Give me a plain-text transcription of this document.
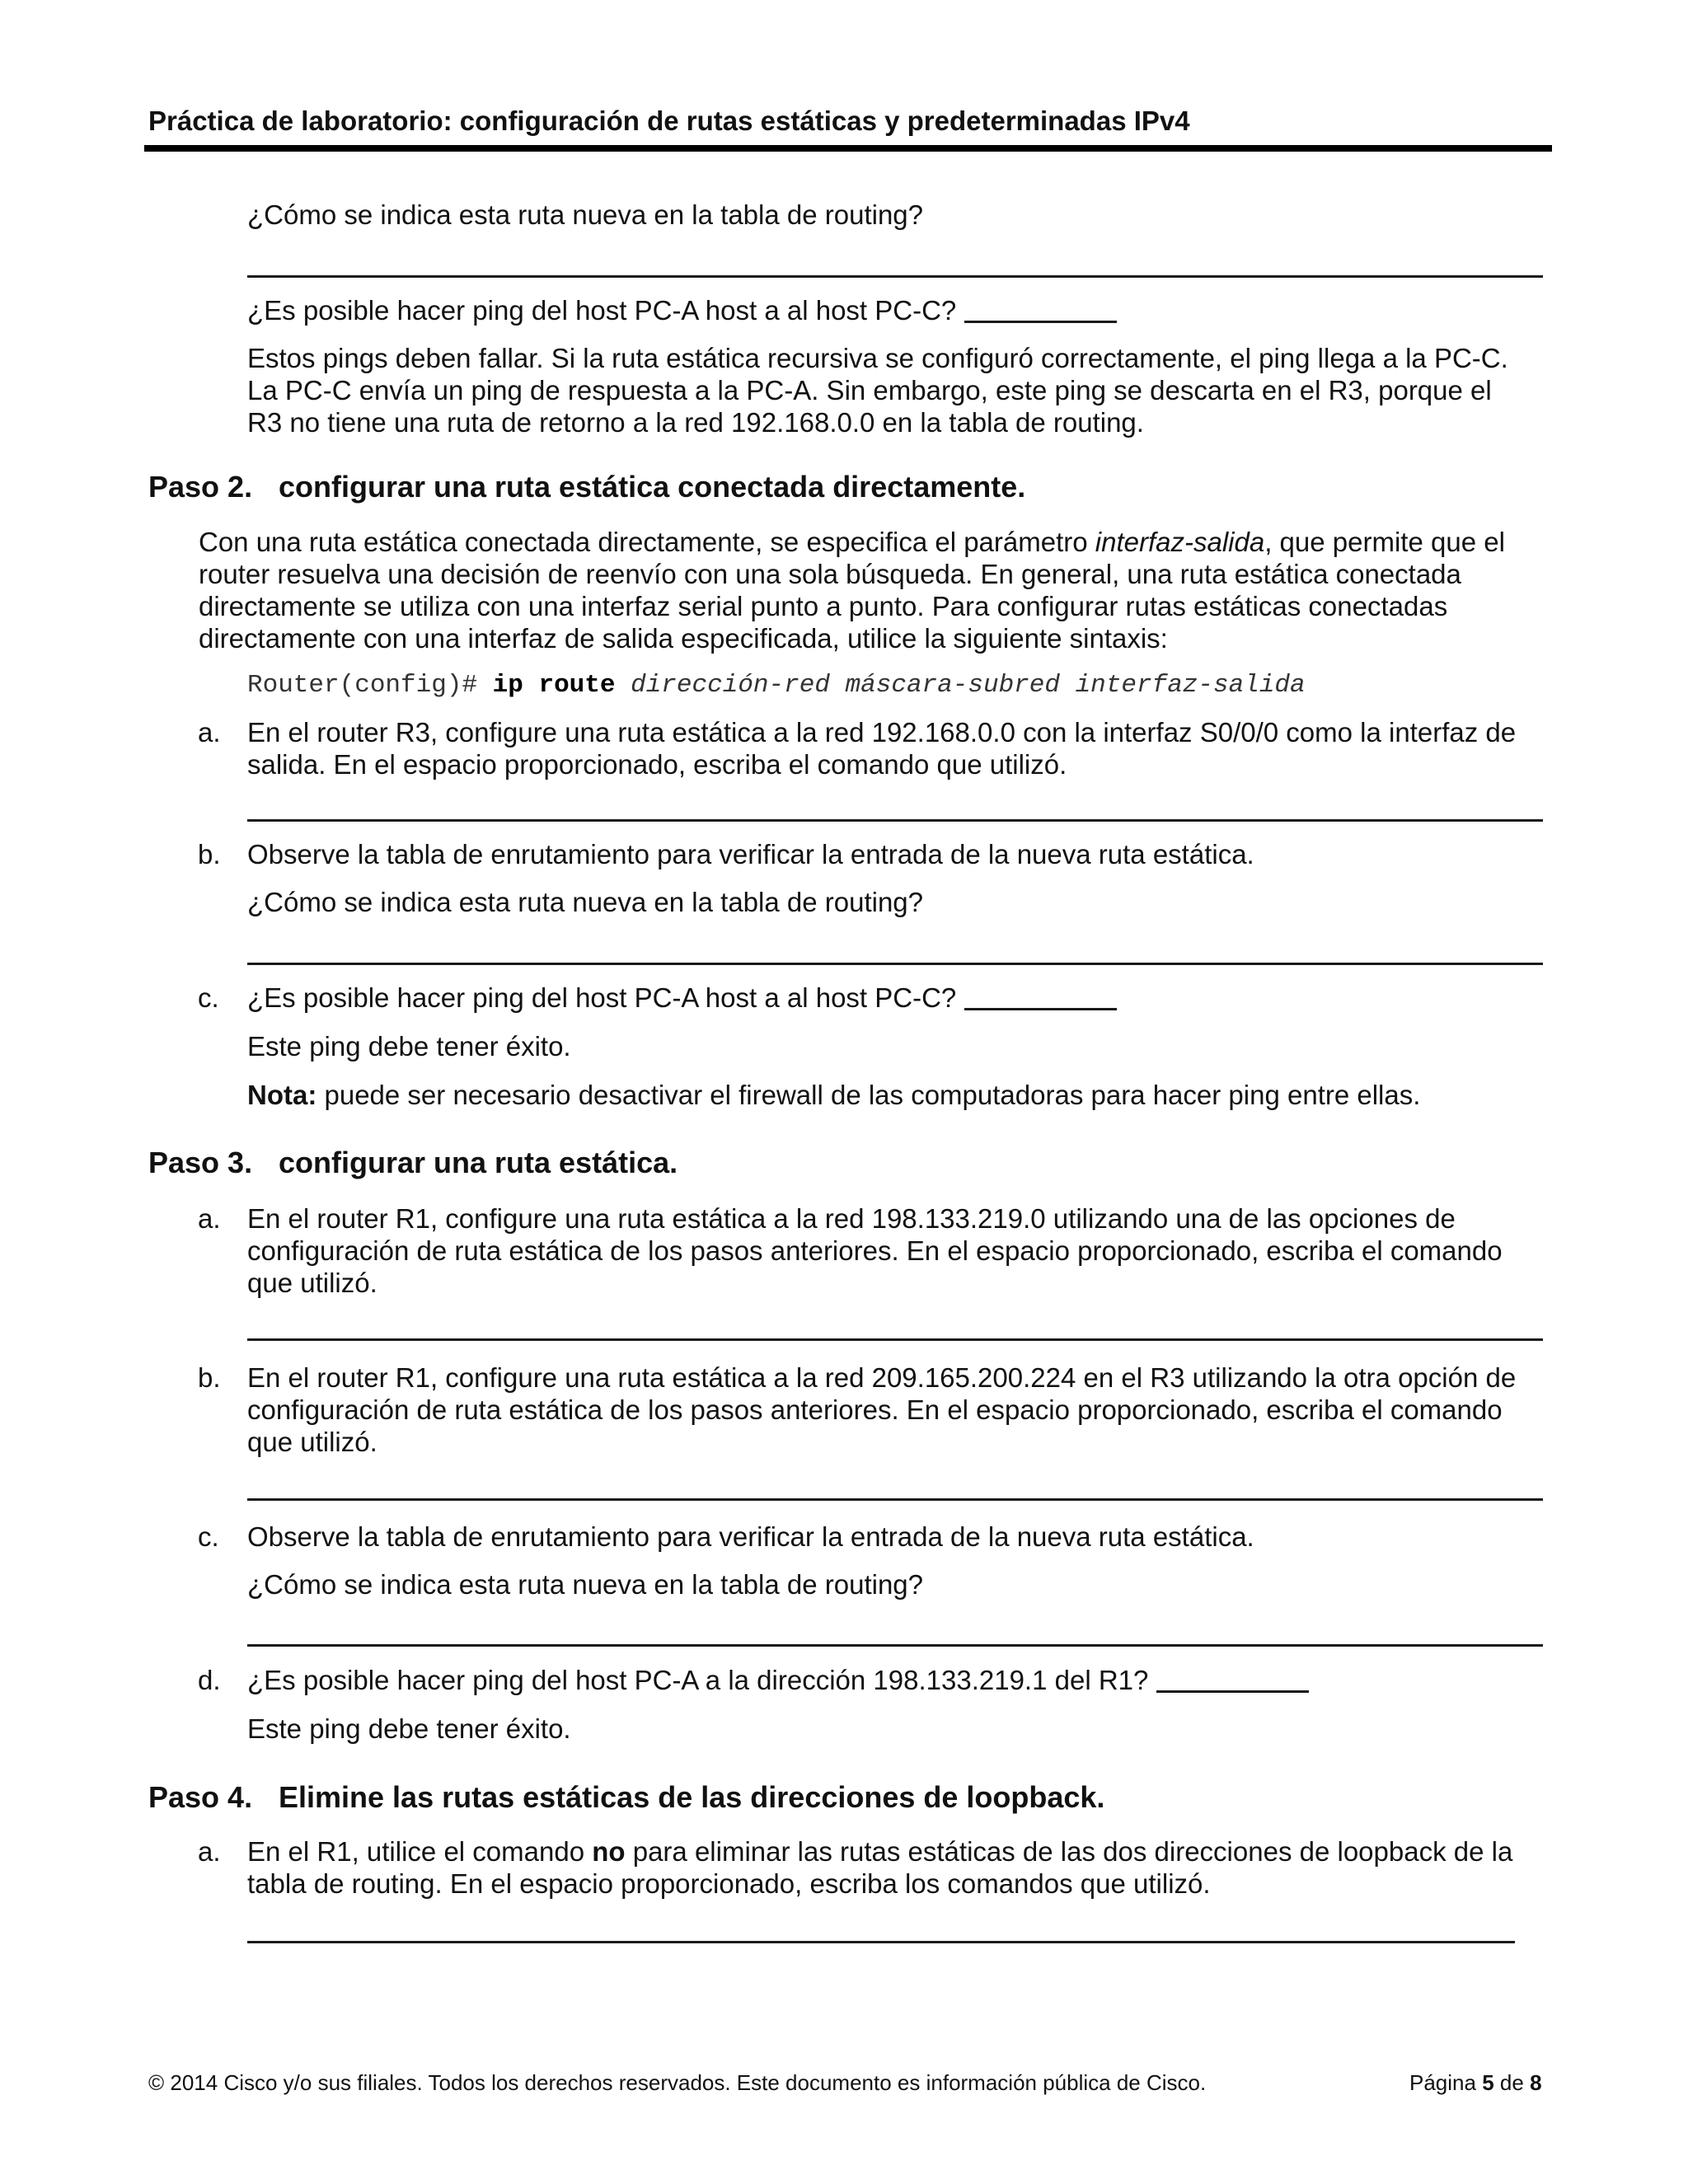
Práctica de laboratorio: configuración de rutas estáticas y predeterminadas IPv4
¿Cómo se indica esta ruta nueva en la tabla de routing?
¿Es posible hacer ping del host PC-A host a al host PC-C?
Estos pings deben fallar. Si la ruta estática recursiva se configuró correctamente, el ping llega a la PC-C.
La PC-C envía un ping de respuesta a la PC-A. Sin embargo, este ping se descarta en el R3, porque el
R3 no tiene una ruta de retorno a la red 192.168.0.0 en la tabla de routing.
Paso 2. configurar una ruta estática conectada directamente.
Con una ruta estática conectada directamente, se especifica el parámetro interfaz-salida, que permite que el
router resuelva una decisión de reenvío con una sola búsqueda. En general, una ruta estática conectada
directamente se utiliza con una interfaz serial punto a punto. Para configurar rutas estáticas conectadas
directamente con una interfaz de salida especificada, utilice la siguiente sintaxis:
Router(config)# ip route dirección-red máscara-subred interfaz-salida
a. En el router R3, configure una ruta estática a la red 192.168.0.0 con la interfaz S0/0/0 como la interfaz de
salida. En el espacio proporcionado, escriba el comando que utilizó.
b. Observe la tabla de enrutamiento para verificar la entrada de la nueva ruta estática.
¿Cómo se indica esta ruta nueva en la tabla de routing?
c. ¿Es posible hacer ping del host PC-A host a al host PC-C?
Este ping debe tener éxito.
Nota: puede ser necesario desactivar el firewall de las computadoras para hacer ping entre ellas.
Paso 3. configurar una ruta estática.
a. En el router R1, configure una ruta estática a la red 198.133.219.0 utilizando una de las opciones de
configuración de ruta estática de los pasos anteriores. En el espacio proporcionado, escriba el comando
que utilizó.
b. En el router R1, configure una ruta estática a la red 209.165.200.224 en el R3 utilizando la otra opción de
configuración de ruta estática de los pasos anteriores. En el espacio proporcionado, escriba el comando
que utilizó.
c. Observe la tabla de enrutamiento para verificar la entrada de la nueva ruta estática.
¿Cómo se indica esta ruta nueva en la tabla de routing?
d. ¿Es posible hacer ping del host PC-A a la dirección 198.133.219.1 del R1?
Este ping debe tener éxito.
Paso 4. Elimine las rutas estáticas de las direcciones de loopback.
a. En el R1, utilice el comando no para eliminar las rutas estáticas de las dos direcciones de loopback de la
tabla de routing. En el espacio proporcionado, escriba los comandos que utilizó.
© 2014 Cisco y/o sus filiales. Todos los derechos reservados. Este documento es información pública de Cisco.	Página 5 de 8
